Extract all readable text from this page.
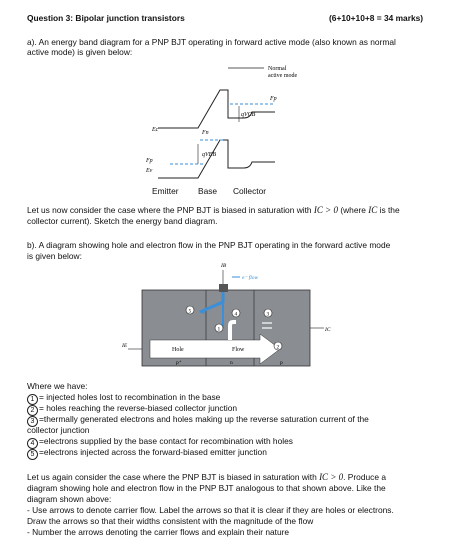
Question 3: Bipolar junction transistors	(6+10+10+8 = 34 marks)
a). An energy band diagram for a PNP BJT operating in forward active mode (also known as normal
active mode) is given below:
Normal
active mode
Fp
qVCB
Fn
qVEB
Fp
Ec
Ev
Emitter Base Collector
Let us now consider the case where the PNP BJT is biased in saturation with IC > 0 (where IC is the
collector current). Sketch the energy band diagram.
b). A diagram showing hole and electron flow in the PNP BJT operating in the forward active mode
is given below:
IB
e⁻ flow
IC
IE
Hole	Flow
p⁺	n	p
1
2
3
4
5
Where we have:
1 = injected holes lost to recombination in the base
2 = holes reaching the reverse-biased collector junction
3 =thermally generated electrons and holes making up the reverse saturation current of the
collector junction
4 =electrons supplied by the base contact for recombination with holes
5 =electrons injected across the forward-biased emitter junction
Let us again consider the case where the PNP BJT is biased in saturation with IC > 0. Produce a
diagram showing hole and electron flow in the PNP BJT analogous to that shown above. Like the
diagram shown above:
- Use arrows to denote carrier flow. Label the arrows so that it is clear if they are holes or electrons.
Draw the arrows so that their widths consistent with the magnitude of the flow
- Number the arrows denoting the carrier flows and explain their nature
